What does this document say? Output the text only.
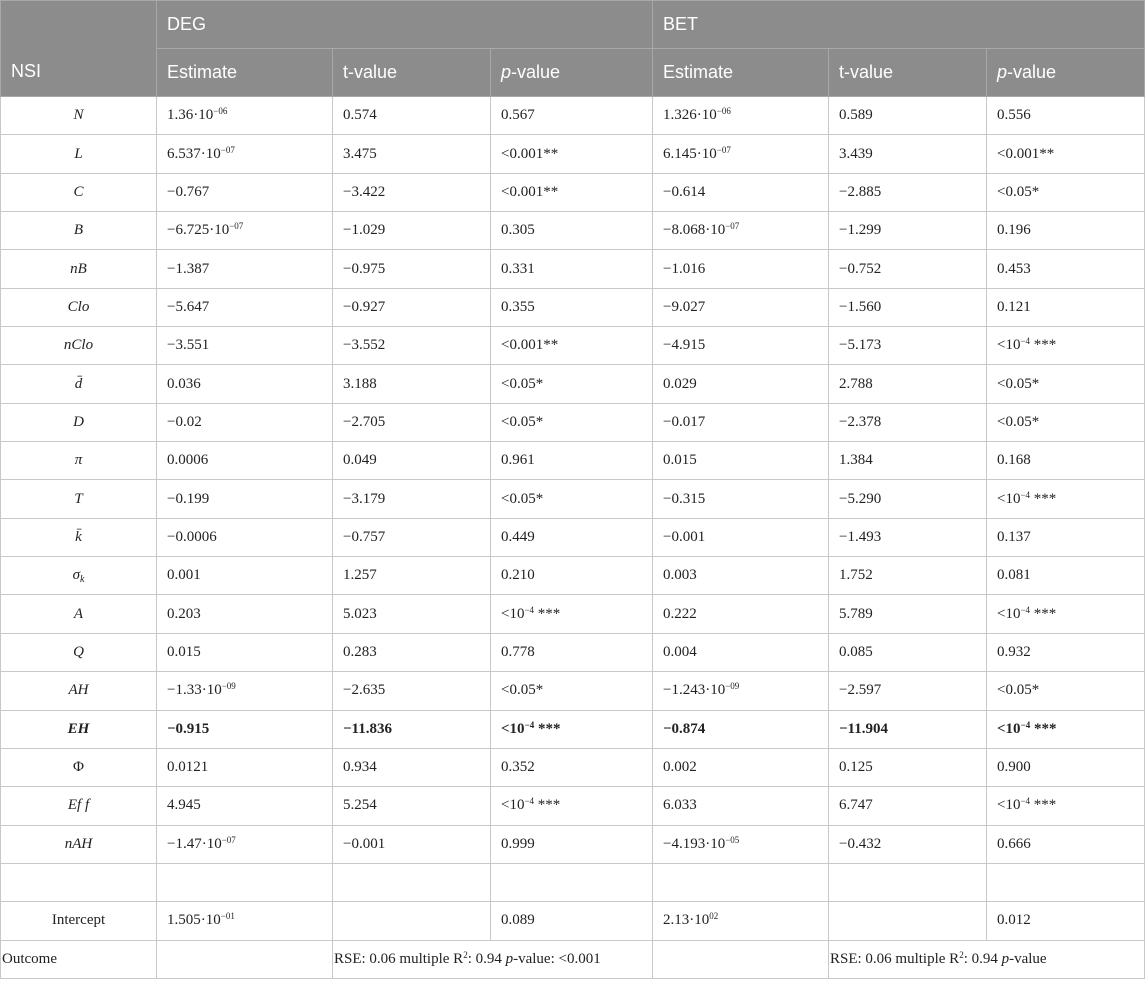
NSI	DEG			BET		
	Estimate	t-value	p-value	Estimate	t-value	p-value
N	$1.36\cdot 10^{-06}$	0.574	0.567	$1.326\cdot 10^{-06}$	0.589	0.556
L	$6.537\cdot 10^{-07}$	3.475	<0.001**	$6.145\cdot 10^{-07}$	3.439	<0.001**
C	−0.767	−3.422	<0.001**	−0.614	−2.885	<0.05*
B	$-6.725\cdot 10^{-07}$	−1.029	0.305	$-8.068\cdot 10^{-07}$	−1.299	0.196
nB	−1.387	−0.975	0.331	−1.016	−0.752	0.453
Clo	−5.647	−0.927	0.355	−9.027	−1.560	0.121
nClo	−3.551	−3.552	<0.001**	−4.915	−5.173	$<10^{-4}$ ***
d̄	0.036	3.188	<0.05*	0.029	2.788	<0.05*
D	−0.02	−2.705	<0.05*	−0.017	−2.378	<0.05*
π	0.0006	0.049	0.961	0.015	1.384	0.168
T	−0.199	−3.179	<0.05*	−0.315	−5.290	$<10^{-4}$ ***
k̄	−0.0006	−0.757	0.449	−0.001	−1.493	0.137
$\sigma_k$	0.001	1.257	0.210	0.003	1.752	0.081
A	0.203	5.023	$<10^{-4}$ ***	0.222	5.789	$<10^{-4}$ ***
Q	0.015	0.283	0.778	0.004	0.085	0.932
AH	$-1.33\cdot 10^{-09}$	−2.635	<0.05*	$-1.243\cdot 10^{-09}$	−2.597	<0.05*
EH	−0.915	−11.836	$<10^{-4}$ ***	−0.874	−11.904	$<10^{-4}$ ***
Φ	0.0121	0.934	0.352	0.002	0.125	0.900
Ef f	4.945	5.254	$<10^{-4}$ ***	6.033	6.747	$<10^{-4}$ ***
nAH	$-1.47\cdot 10^{-07}$	−0.001	0.999	$-4.193\cdot 10^{-05}$	−0.432	0.666

Intercept	$1.505\cdot 10^{-01}$		0.089	$2.13\cdot 10^{02}$		0.012
Outcome		RSE: 0.06 multiple $R^2$: 0.94 p-value: <0.001			RSE: 0.06 multiple $R^2$: 0.94 p-value	
